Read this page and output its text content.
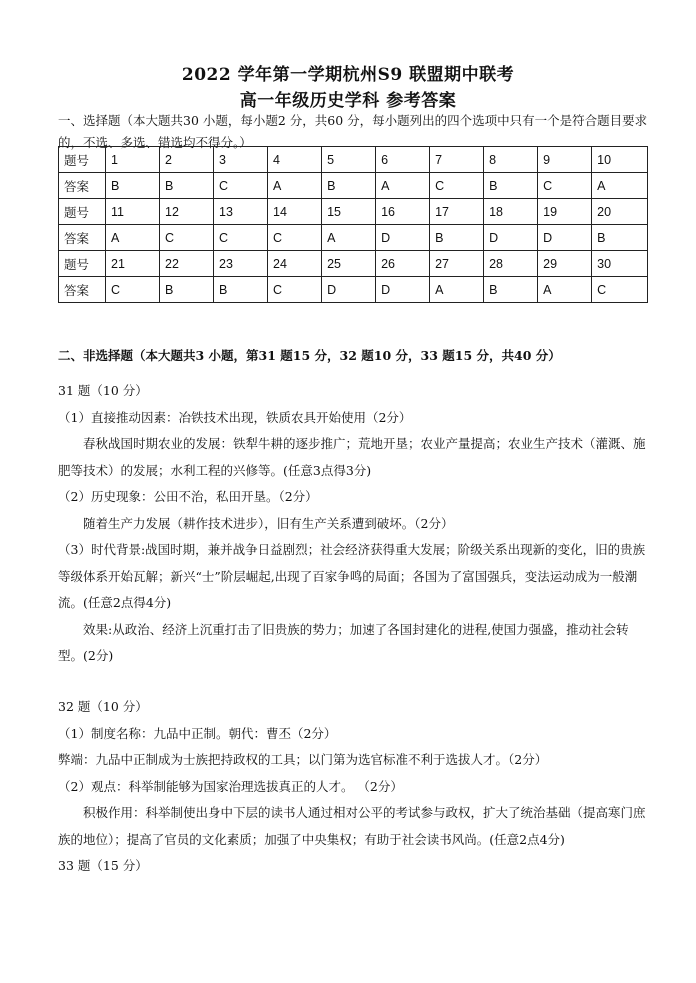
2022 学年第一学期杭州S9 联盟期中联考
高一年级历史学科 参考答案
一、选择题（本大题共30 小题，每小题2 分，共60 分，每小题列出的四个选项中只有一个是符合题目要求的，不选、多选、错选均不得分。）
题号	1	2	3	4	5	6	7	8	9	10
答案	B	B	C	A	B	A	C	B	C	A
题号	11	12	13	14	15	16	17	18	19	20
答案	A	C	C	C	A	D	B	D	D	B
题号	21	22	23	24	25	26	27	28	29	30
答案	C	B	B	C	D	D	A	B	A	C
二、非选择题（本大题共3 小题，第31 题15 分，32 题10 分，33 题15 分，共40 分）

31 题（10 分）

（1）直接推动因素：冶铁技术出现，铁质农具开始使用（2分）

春秋战国时期农业的发展：铁犁牛耕的逐步推广；荒地开垦；农业产量提高；农业生产技术（灌溉、施肥等技术）的发展；水利工程的兴修等。(任意3点得3分)

（2）历史现象：公田不治，私田开垦。（2分）

随着生产力发展（耕作技术进步），旧有生产关系遭到破坏。（2分）

（3）时代背景:战国时期，兼并战争日益剧烈；社会经济获得重大发展；阶级关系出现新的变化，旧的贵族等级体系开始瓦解；新兴“士”阶层崛起,出现了百家争鸣的局面；各国为了富国强兵，变法运动成为一般潮流。(任意2点得4分)

效果:从政治、经济上沉重打击了旧贵族的势力；加速了各国封建化的进程,使国力强盛，推动社会转型。(2分)

32 题（10 分）

（1）制度名称：九品中正制。朝代：曹丕（2分）

弊端：九品中正制成为士族把持政权的工具；以门第为选官标准不利于选拔人才。（2分）

（2）观点：科举制能够为国家治理选拔真正的人才。 （2分）

积极作用：科举制使出身中下层的读书人通过相对公平的考试参与政权，扩大了统治基础（提高寒门庶族的地位）；提高了官员的文化素质；加强了中央集权；有助于社会读书风尚。(任意2点4分)

33 题（15 分）
